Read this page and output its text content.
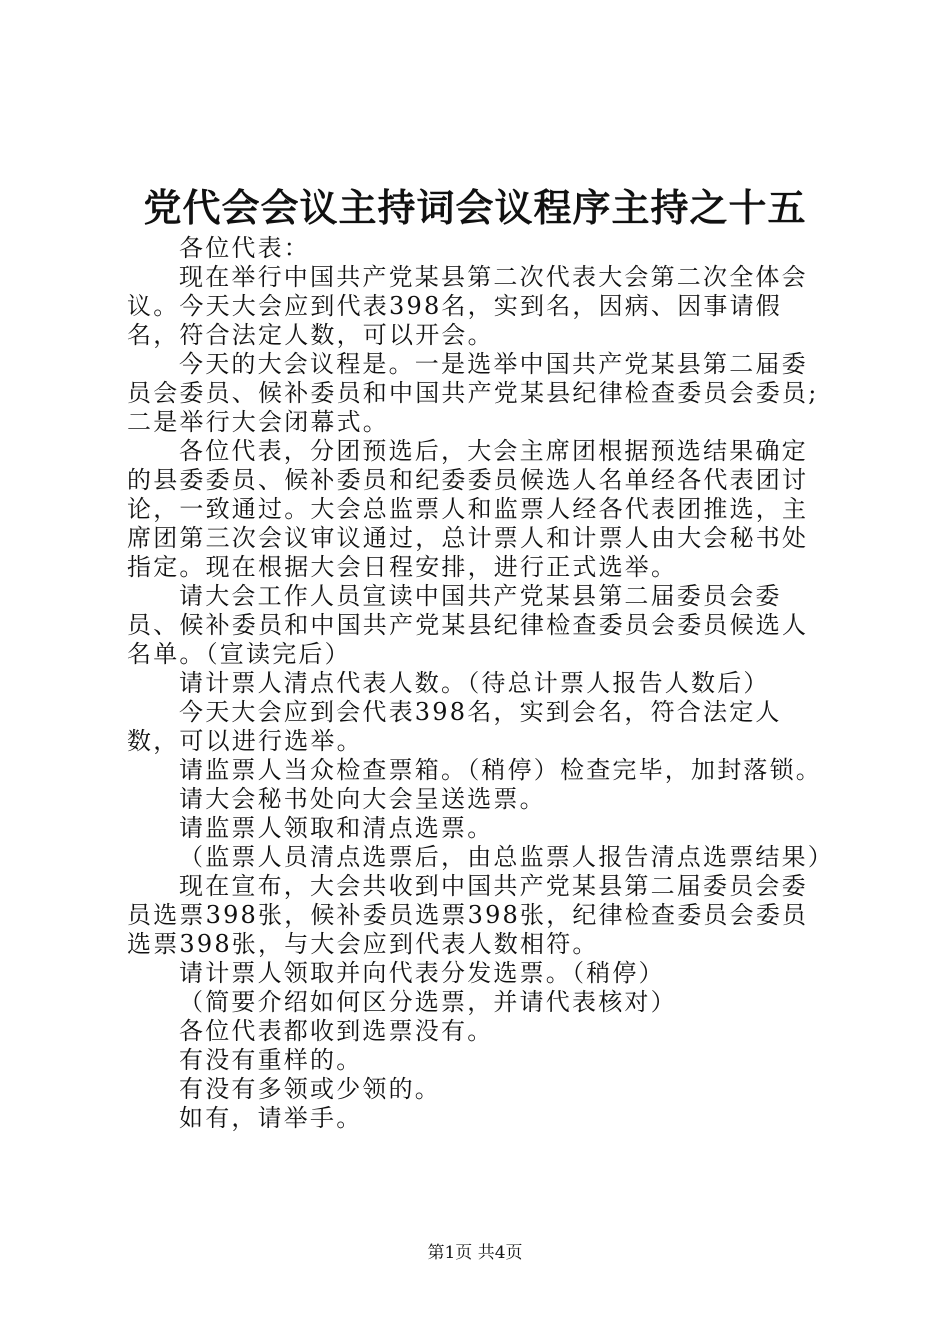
党代会会议主持词会议程序主持之十五

各位代表：

现在举行中国共产党某县第二次代表大会第二次全体会议。今天大会应到代表398名，实到名，因病、因事请假名，符合法定人数，可以开会。

今天的大会议程是。一是选举中国共产党某县第二届委员会委员、候补委员和中国共产党某县纪律检查委员会委员;二是举行大会闭幕式。

各位代表，分团预选后，大会主席团根据预选结果确定的县委委员、候补委员和纪委委员候选人名单经各代表团讨论，一致通过。大会总监票人和监票人经各代表团推选，主席团第三次会议审议通过，总计票人和计票人由大会秘书处指定。现在根据大会日程安排，进行正式选举。

请大会工作人员宣读中国共产党某县第二届委员会委员、候补委员和中国共产党某县纪律检查委员会委员候选人名单。（宣读完后）

请计票人清点代表人数。（待总计票人报告人数后）

今天大会应到会代表398名，实到会名，符合法定人数，可以进行选举。

请监票人当众检查票箱。（稍停）检查完毕，加封落锁。

请大会秘书处向大会呈送选票。

请监票人领取和清点选票。

（监票人员清点选票后，由总监票人报告清点选票结果）

现在宣布，大会共收到中国共产党某县第二届委员会委员选票398张，候补委员选票398张，纪律检查委员会委员选票398张，与大会应到代表人数相符。

请计票人领取并向代表分发选票。（稍停）

（简要介绍如何区分选票，并请代表核对）

各位代表都收到选票没有。

有没有重样的。

有没有多领或少领的。

如有，请举手。

第1页 共4页
